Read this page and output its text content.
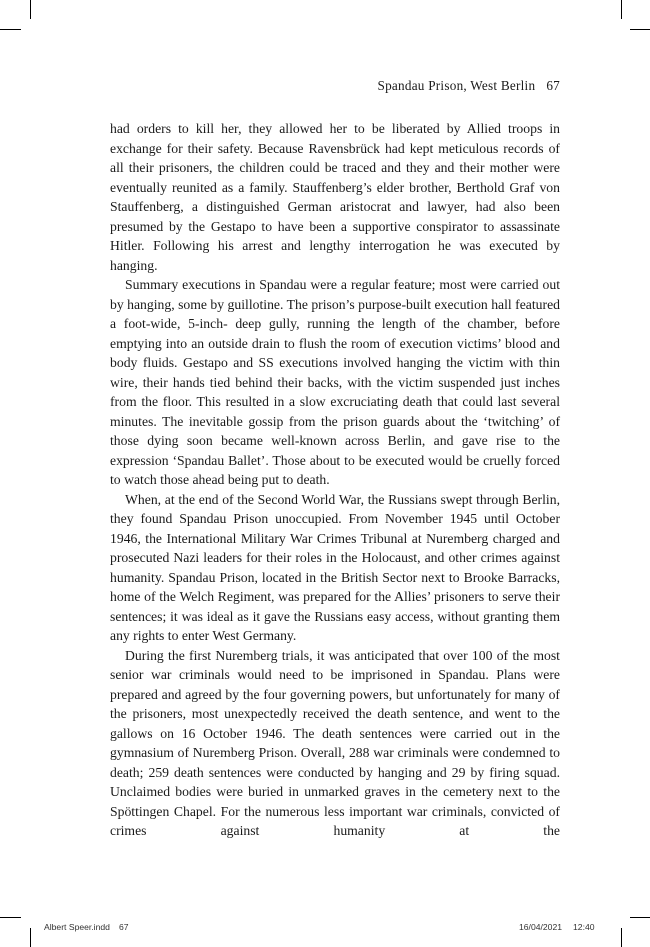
Spandau Prison, West Berlin 67

had orders to kill her, they allowed her to be liberated by Allied troops in exchange for their safety. Because Ravensbrück had kept meticulous records of all their prisoners, the children could be traced and they and their mother were eventually reunited as a family. Stauffenberg’s elder brother, Berthold Graf von Stauffenberg, a distinguished German aristocrat and lawyer, had also been presumed by the Gestapo to have been a supportive conspirator to assassinate Hitler. Following his arrest and lengthy interrogation he was executed by hanging.

Summary executions in Spandau were a regular feature; most were carried out by hanging, some by guillotine. The prison’s purpose-built execution hall featured a foot-wide, 5-inch- deep gully, running the length of the chamber, before emptying into an outside drain to flush the room of execution victims’ blood and body fluids. Gestapo and SS executions involved hanging the victim with thin wire, their hands tied behind their backs, with the victim suspended just inches from the floor. This resulted in a slow excruciating death that could last several minutes. The inevitable gossip from the prison guards about the ‘twitching’ of those dying soon became well-known across Berlin, and gave rise to the expression ‘Spandau Ballet’. Those about to be executed would be cruelly forced to watch those ahead being put to death.

When, at the end of the Second World War, the Russians swept through Berlin, they found Spandau Prison unoccupied. From November 1945 until October 1946, the International Military War Crimes Tribunal at Nuremberg charged and prosecuted Nazi leaders for their roles in the Holocaust, and other crimes against humanity. Spandau Prison, located in the British Sector next to Brooke Barracks, home of the Welch Regiment, was prepared for the Allies’ prisoners to serve their sentences; it was ideal as it gave the Russians easy access, without granting them any rights to enter West Germany.

During the first Nuremberg trials, it was anticipated that over 100 of the most senior war criminals would need to be imprisoned in Spandau. Plans were prepared and agreed by the four governing powers, but unfortunately for many of the prisoners, most unexpectedly received the death sentence, and went to the gallows on 16 October 1946. The death sentences were carried out in the gymnasium of Nuremberg Prison. Overall, 288 war criminals were condemned to death; 259 death sentences were conducted by hanging and 29 by firing squad. Unclaimed bodies were buried in unmarked graves in the cemetery next to the Spöttingen Chapel. For the numerous less important war criminals, convicted of crimes against humanity at the

Albert Speer.indd 67	16/04/2021 12:40
